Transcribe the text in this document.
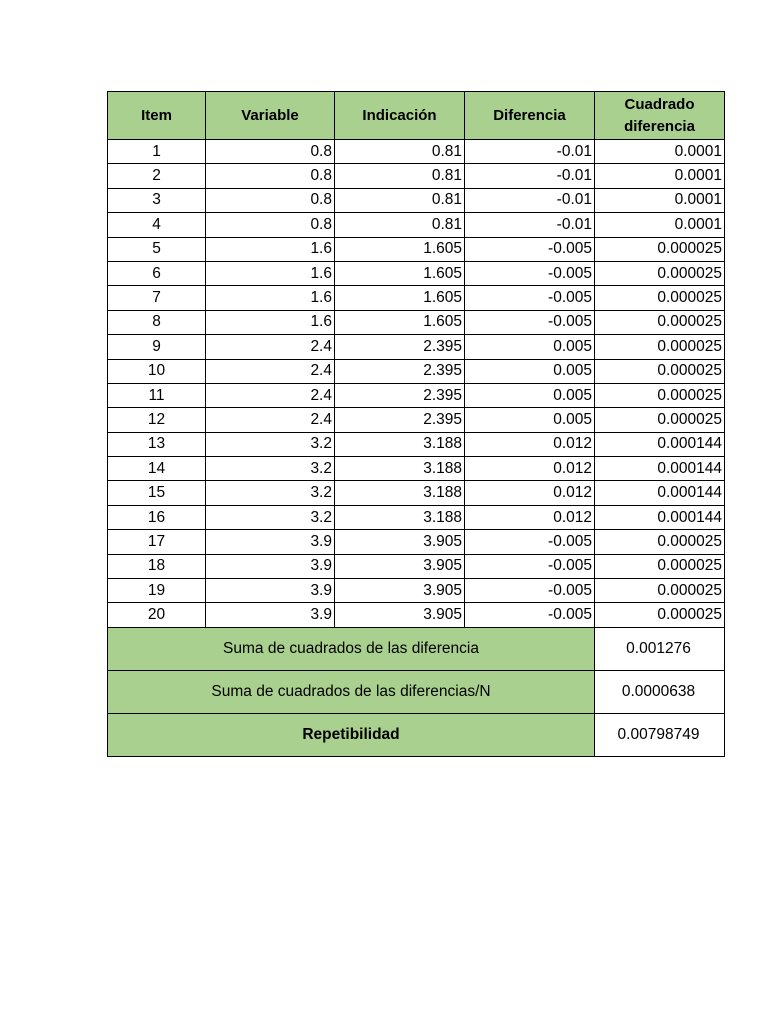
Item	Variable	Indicación	Diferencia	Cuadrado
diferencia
1	0.8	0.81	-0.01	0.0001
2	0.8	0.81	-0.01	0.0001
3	0.8	0.81	-0.01	0.0001
4	0.8	0.81	-0.01	0.0001
5	1.6	1.605	-0.005	0.000025
6	1.6	1.605	-0.005	0.000025
7	1.6	1.605	-0.005	0.000025
8	1.6	1.605	-0.005	0.000025
9	2.4	2.395	0.005	0.000025
10	2.4	2.395	0.005	0.000025
11	2.4	2.395	0.005	0.000025
12	2.4	2.395	0.005	0.000025
13	3.2	3.188	0.012	0.000144
14	3.2	3.188	0.012	0.000144
15	3.2	3.188	0.012	0.000144
16	3.2	3.188	0.012	0.000144
17	3.9	3.905	-0.005	0.000025
18	3.9	3.905	-0.005	0.000025
19	3.9	3.905	-0.005	0.000025
20	3.9	3.905	-0.005	0.000025
Suma de cuadrados de las diferencia				0.001276
Suma de cuadrados de las diferencias/N				0.0000638
Repetibilidad				0.00798749
